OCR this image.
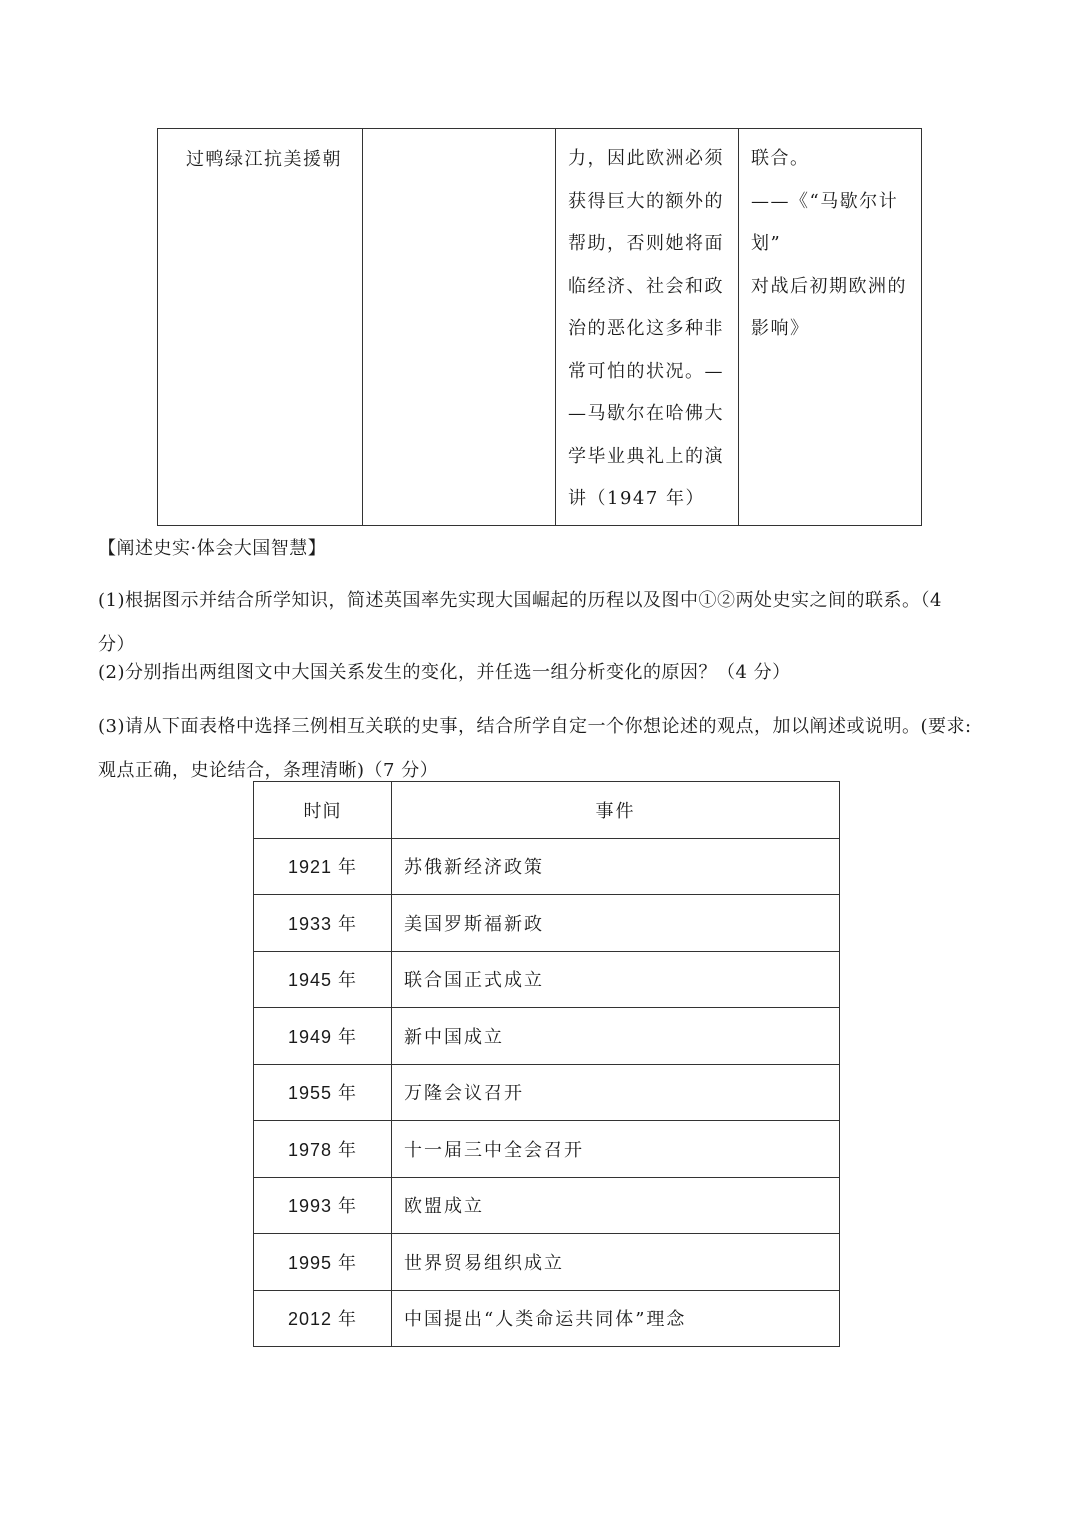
过鸭绿江抗美援朝		力，因此欧洲必须
获得巨大的额外的
帮助，否则她将面
临经济、社会和政
治的恶化这多种非
常可怕的状况。—
—马歇尔在哈佛大
学毕业典礼上的演
讲（1947 年）

联合。
——《“马歇尔计划”
对战后初期欧洲的
影响》
【阐述史实·体会大国智慧】
(1)根据图示并结合所学知识，简述英国率先实现大国崛起的历程以及图中①②两处史实之间的联系。（4
分）
(2)分别指出两组图文中大国关系发生的变化，并任选一组分析变化的原因？（4 分）
(3)请从下面表格中选择三例相互关联的史事，结合所学自定一个你想论述的观点，加以阐述或说明。(要求:
观点正确，史论结合，条理清晰)（7 分）
时间	事件
1921 年	苏俄新经济政策
1933 年	美国罗斯福新政
1945 年	联合国正式成立
1949 年	新中国成立
1955 年	万隆会议召开
1978 年	十一届三中全会召开
1993 年	欧盟成立
1995 年	世界贸易组织成立
2012 年	中国提出“人类命运共同体”理念
